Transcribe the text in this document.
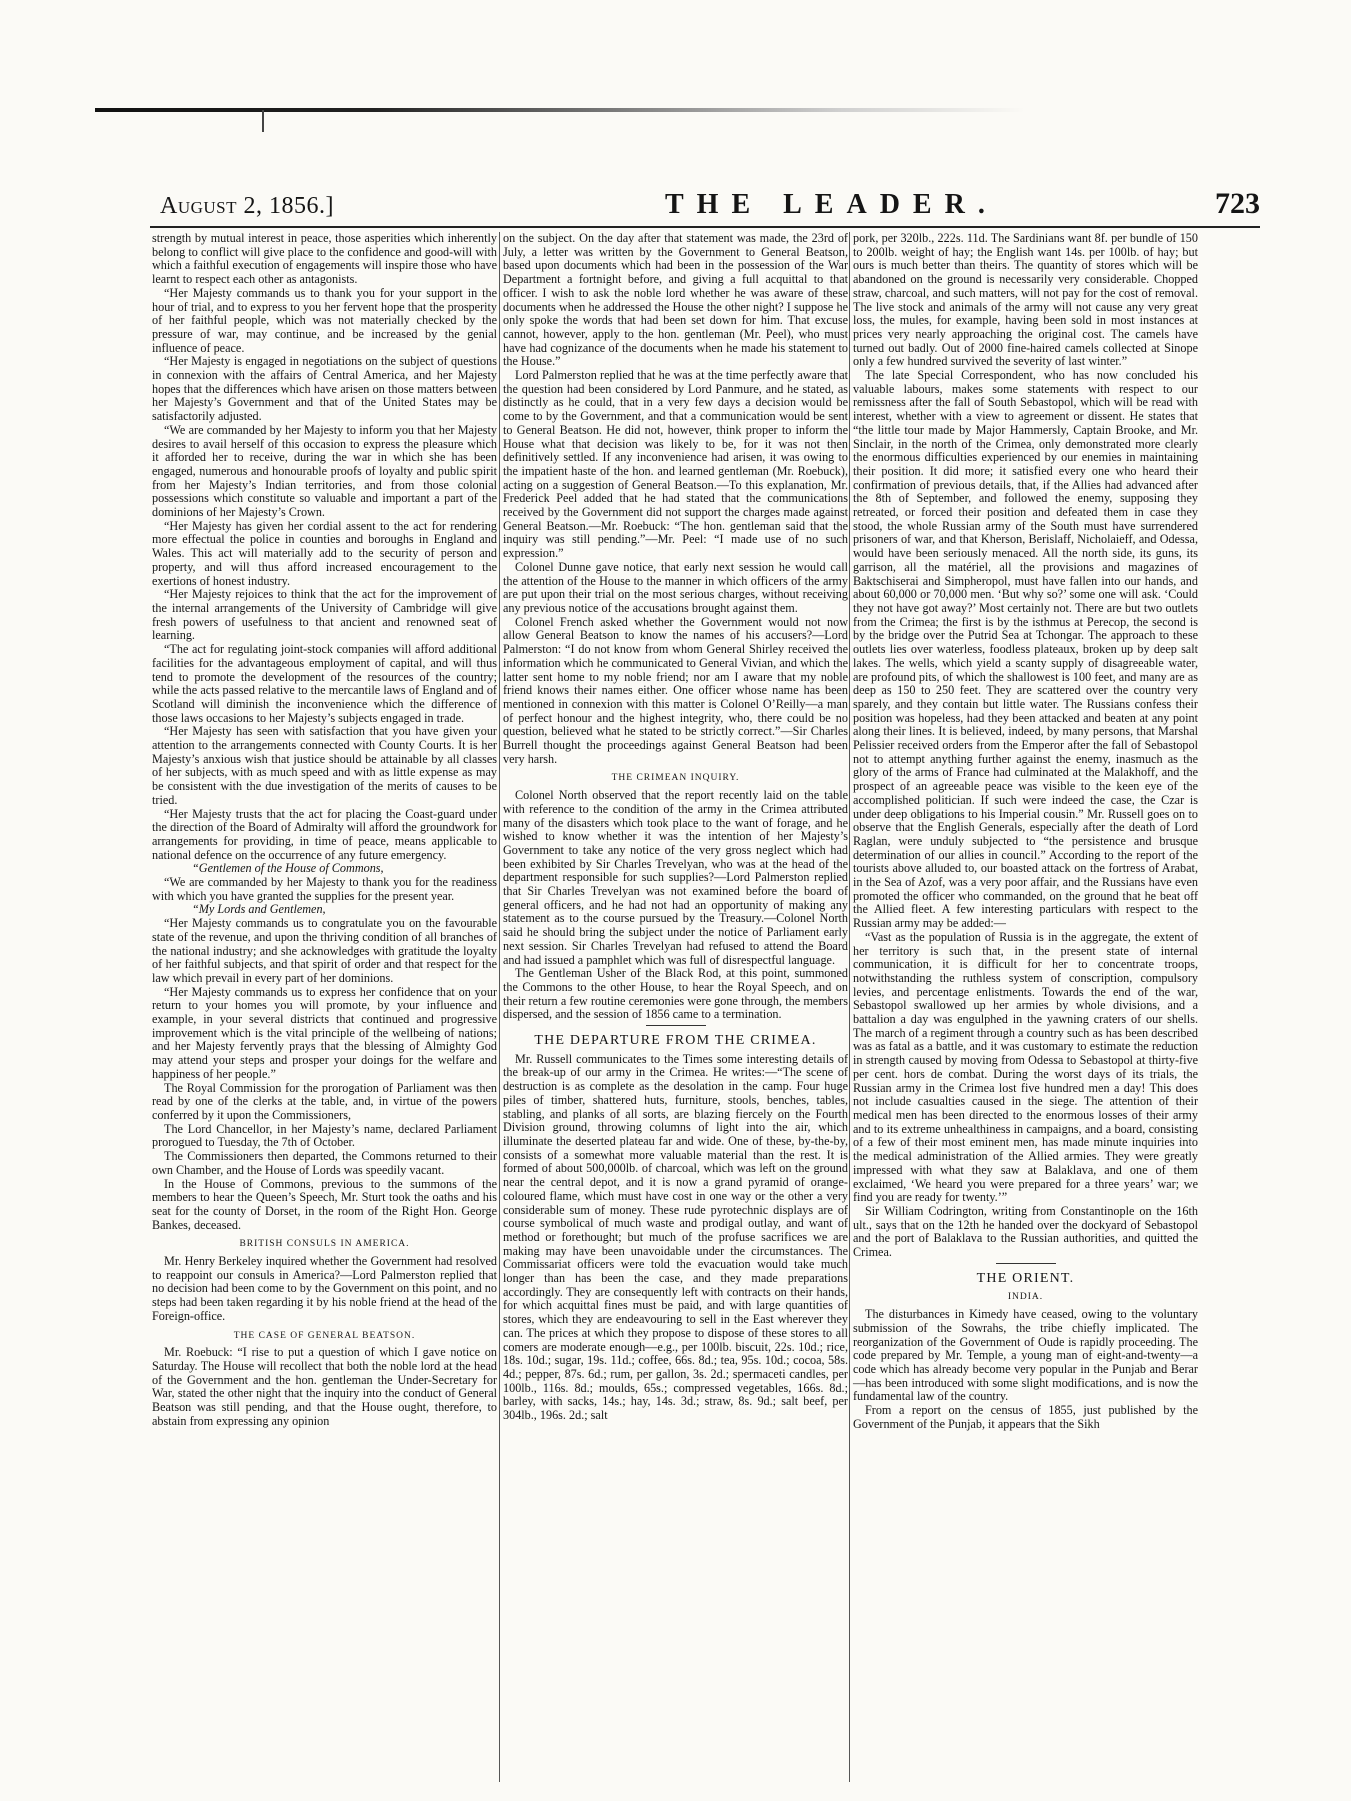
August 2, 1856.]	THE LEADER.	723

strength by mutual interest in peace, those asperities which inherently belong to conflict will give place to the confidence and good-will with which a faithful execution of engagements will inspire those who have learnt to respect each other as antagonists.

“Her Majesty commands us to thank you for your support in the hour of trial, and to express to you her fervent hope that the prosperity of her faithful people, which was not materially checked by the pressure of war, may continue, and be increased by the genial influence of peace.

“Her Majesty is engaged in negotiations on the subject of questions in connexion with the affairs of Central America, and her Majesty hopes that the differences which have arisen on those matters between her Majesty’s Government and that of the United States may be satisfactorily adjusted.

“We are commanded by her Majesty to inform you that her Majesty desires to avail herself of this occasion to express the pleasure which it afforded her to receive, during the war in which she has been engaged, numerous and honourable proofs of loyalty and public spirit from her Majesty’s Indian territories, and from those colonial possessions which constitute so valuable and important a part of the dominions of her Majesty’s Crown.

“Her Majesty has given her cordial assent to the act for rendering more effectual the police in counties and boroughs in England and Wales. This act will materially add to the security of person and property, and will thus afford increased encouragement to the exertions of honest industry.

“Her Majesty rejoices to think that the act for the improvement of the internal arrangements of the University of Cambridge will give fresh powers of usefulness to that ancient and renowned seat of learning.

“The act for regulating joint-stock companies will afford additional facilities for the advantageous employment of capital, and will thus tend to promote the development of the resources of the country; while the acts passed relative to the mercantile laws of England and of Scotland will diminish the inconvenience which the difference of those laws occasions to her Majesty’s subjects engaged in trade.

“Her Majesty has seen with satisfaction that you have given your attention to the arrangements connected with County Courts. It is her Majesty’s anxious wish that justice should be attainable by all classes of her subjects, with as much speed and with as little expense as may be consistent with the due investigation of the merits of causes to be tried.

“Her Majesty trusts that the act for placing the Coast-guard under the direction of the Board of Admiralty will afford the groundwork for arrangements for providing, in time of peace, means applicable to national defence on the occurrence of any future emergency.

“Gentlemen of the House of Commons,

“We are commanded by her Majesty to thank you for the readiness with which you have granted the supplies for the present year.

“My Lords and Gentlemen,

“Her Majesty commands us to congratulate you on the favourable state of the revenue, and upon the thriving condition of all branches of the national industry; and she acknowledges with gratitude the loyalty of her faithful subjects, and that spirit of order and that respect for the law which prevail in every part of her dominions.

“Her Majesty commands us to express her confidence that on your return to your homes you will promote, by your influence and example, in your several districts that continued and progressive improvement which is the vital principle of the wellbeing of nations; and her Majesty fervently prays that the blessing of Almighty God may attend your steps and prosper your doings for the welfare and happiness of her people.”

The Royal Commission for the prorogation of Parliament was then read by one of the clerks at the table, and, in virtue of the powers conferred by it upon the Commissioners,

The Lord Chancellor, in her Majesty’s name, declared Parliament prorogued to Tuesday, the 7th of October.

The Commissioners then departed, the Commons returned to their own Chamber, and the House of Lords was speedily vacant.

In the House of Commons, previous to the summons of the members to hear the Queen’s Speech, Mr. Sturt took the oaths and his seat for the county of Dorset, in the room of the Right Hon. George Bankes, deceased.

BRITISH CONSULS IN AMERICA.

Mr. Henry Berkeley inquired whether the Government had resolved to reappoint our consuls in America?—Lord Palmerston replied that no decision had been come to by the Government on this point, and no steps had been taken regarding it by his noble friend at the head of the Foreign-office.

THE CASE OF GENERAL BEATSON.

Mr. Roebuck: “I rise to put a question of which I gave notice on Saturday. The House will recollect that both the noble lord at the head of the Government and the hon. gentleman the Under-Secretary for War, stated the other night that the inquiry into the conduct of General Beatson was still pending, and that the House ought, therefore, to abstain from expressing any opinion

on the subject. On the day after that statement was made, the 23rd of July, a letter was written by the Government to General Beatson, based upon documents which had been in the possession of the War Department a fortnight before, and giving a full acquittal to that officer. I wish to ask the noble lord whether he was aware of these documents when he addressed the House the other night? I suppose he only spoke the words that had been set down for him. That excuse cannot, however, apply to the hon. gentleman (Mr. Peel), who must have had cognizance of the documents when he made his statement to the House.”

Lord Palmerston replied that he was at the time perfectly aware that the question had been considered by Lord Panmure, and he stated, as distinctly as he could, that in a very few days a decision would be come to by the Government, and that a communication would be sent to General Beatson. He did not, however, think proper to inform the House what that decision was likely to be, for it was not then definitively settled. If any inconvenience had arisen, it was owing to the impatient haste of the hon. and learned gentleman (Mr. Roebuck), acting on a suggestion of General Beatson.—To this explanation, Mr. Frederick Peel added that he had stated that the communications received by the Government did not support the charges made against General Beatson.—Mr. Roebuck: “The hon. gentleman said that the inquiry was still pending.”—Mr. Peel: “I made use of no such expression.”

Colonel Dunne gave notice, that early next session he would call the attention of the House to the manner in which officers of the army are put upon their trial on the most serious charges, without receiving any previous notice of the accusations brought against them.

Colonel French asked whether the Government would not now allow General Beatson to know the names of his accusers?—Lord Palmerston: “I do not know from whom General Shirley received the information which he communicated to General Vivian, and which the latter sent home to my noble friend; nor am I aware that my noble friend knows their names either. One officer whose name has been mentioned in connexion with this matter is Colonel O’Reilly—a man of perfect honour and the highest integrity, who, there could be no question, believed what he stated to be strictly correct.”—Sir Charles Burrell thought the proceedings against General Beatson had been very harsh.

THE CRIMEAN INQUIRY.

Colonel North observed that the report recently laid on the table with reference to the condition of the army in the Crimea attributed many of the disasters which took place to the want of forage, and he wished to know whether it was the intention of her Majesty’s Government to take any notice of the very gross neglect which had been exhibited by Sir Charles Trevelyan, who was at the head of the department responsible for such supplies?—Lord Palmerston replied that Sir Charles Trevelyan was not examined before the board of general officers, and he had not had an opportunity of making any statement as to the course pursued by the Treasury.—Colonel North said he should bring the subject under the notice of Parliament early next session. Sir Charles Trevelyan had refused to attend the Board and had issued a pamphlet which was full of disrespectful language.

The Gentleman Usher of the Black Rod, at this point, summoned the Commons to the other House, to hear the Royal Speech, and on their return a few routine ceremonies were gone through, the members dispersed, and the session of 1856 came to a termination.

THE DEPARTURE FROM THE CRIMEA.

Mr. Russell communicates to the Times some interesting details of the break-up of our army in the Crimea. He writes:—“The scene of destruction is as complete as the desolation in the camp. Four huge piles of timber, shattered huts, furniture, stools, benches, tables, stabling, and planks of all sorts, are blazing fiercely on the Fourth Division ground, throwing columns of light into the air, which illuminate the deserted plateau far and wide. One of these, by-the-by, consists of a somewhat more valuable material than the rest. It is formed of about 500,000lb. of charcoal, which was left on the ground near the central depot, and it is now a grand pyramid of orange-coloured flame, which must have cost in one way or the other a very considerable sum of money. These rude pyrotechnic displays are of course symbolical of much waste and prodigal outlay, and want of method or forethought; but much of the profuse sacrifices we are making may have been unavoidable under the circumstances. The Commissariat officers were told the evacuation would take much longer than has been the case, and they made preparations accordingly. They are consequently left with contracts on their hands, for which acquittal fines must be paid, and with large quantities of stores, which they are endeavouring to sell in the East wherever they can. The prices at which they propose to dispose of these stores to all comers are moderate enough—e.g., per 100lb. biscuit, 22s. 10d.; rice, 18s. 10d.; sugar, 19s. 11d.; coffee, 66s. 8d.; tea, 95s. 10d.; cocoa, 58s. 4d.; pepper, 87s. 6d.; rum, per gallon, 3s. 2d.; spermaceti candles, per 100lb., 116s. 8d.; moulds, 65s.; compressed vegetables, 166s. 8d.; barley, with sacks, 14s.; hay, 14s. 3d.; straw, 8s. 9d.; salt beef, per 304lb., 196s. 2d.; salt

pork, per 320lb., 222s. 11d. The Sardinians want 8f. per bundle of 150 to 200lb. weight of hay; the English want 14s. per 100lb. of hay; but ours is much better than theirs. The quantity of stores which will be abandoned on the ground is necessarily very considerable. Chopped straw, charcoal, and such matters, will not pay for the cost of removal. The live stock and animals of the army will not cause any very great loss, the mules, for example, having been sold in most instances at prices very nearly approaching the original cost. The camels have turned out badly. Out of 2000 fine-haired camels collected at Sinope only a few hundred survived the severity of last winter.”

The late Special Correspondent, who has now concluded his valuable labours, makes some statements with respect to our remissness after the fall of South Sebastopol, which will be read with interest, whether with a view to agreement or dissent. He states that “the little tour made by Major Hammersly, Captain Brooke, and Mr. Sinclair, in the north of the Crimea, only demonstrated more clearly the enormous difficulties experienced by our enemies in maintaining their position. It did more; it satisfied every one who heard their confirmation of previous details, that, if the Allies had advanced after the 8th of September, and followed the enemy, supposing they retreated, or forced their position and defeated them in case they stood, the whole Russian army of the South must have surrendered prisoners of war, and that Kherson, Berislaff, Nicholaieff, and Odessa, would have been seriously menaced. All the north side, its guns, its garrison, all the matériel, all the provisions and magazines of Baktschiserai and Simpheropol, must have fallen into our hands, and about 60,000 or 70,000 men. ‘But why so?’ some one will ask. ‘Could they not have got away?’ Most certainly not. There are but two outlets from the Crimea; the first is by the isthmus at Perecop, the second is by the bridge over the Putrid Sea at Tchongar. The approach to these outlets lies over waterless, foodless plateaux, broken up by deep salt lakes. The wells, which yield a scanty supply of disagreeable water, are profound pits, of which the shallowest is 100 feet, and many are as deep as 150 to 250 feet. They are scattered over the country very sparely, and they contain but little water. The Russians confess their position was hopeless, had they been attacked and beaten at any point along their lines. It is believed, indeed, by many persons, that Marshal Pelissier received orders from the Emperor after the fall of Sebastopol not to attempt anything further against the enemy, inasmuch as the glory of the arms of France had culminated at the Malakhoff, and the prospect of an agreeable peace was visible to the keen eye of the accomplished politician. If such were indeed the case, the Czar is under deep obligations to his Imperial cousin.” Mr. Russell goes on to observe that the English Generals, especially after the death of Lord Raglan, were unduly subjected to “the persistence and brusque determination of our allies in council.” According to the report of the tourists above alluded to, our boasted attack on the fortress of Arabat, in the Sea of Azof, was a very poor affair, and the Russians have even promoted the officer who commanded, on the ground that he beat off the Allied fleet. A few interesting particulars with respect to the Russian army may be added:—

“Vast as the population of Russia is in the aggregate, the extent of her territory is such that, in the present state of internal communication, it is difficult for her to concentrate troops, notwithstanding the ruthless system of conscription, compulsory levies, and percentage enlistments. Towards the end of the war, Sebastopol swallowed up her armies by whole divisions, and a battalion a day was engulphed in the yawning craters of our shells. The march of a regiment through a country such as has been described was as fatal as a battle, and it was customary to estimate the reduction in strength caused by moving from Odessa to Sebastopol at thirty-five per cent. hors de combat. During the worst days of its trials, the Russian army in the Crimea lost five hundred men a day! This does not include casualties caused in the siege. The attention of their medical men has been directed to the enormous losses of their army and to its extreme unhealthiness in campaigns, and a board, consisting of a few of their most eminent men, has made minute inquiries into the medical administration of the Allied armies. They were greatly impressed with what they saw at Balaklava, and one of them exclaimed, ‘We heard you were prepared for a three years’ war; we find you are ready for twenty.’”

Sir William Codrington, writing from Constantinople on the 16th ult., says that on the 12th he handed over the dockyard of Sebastopol and the port of Balaklava to the Russian authorities, and quitted the Crimea.

THE ORIENT.

INDIA.

The disturbances in Kimedy have ceased, owing to the voluntary submission of the Sowrahs, the tribe chiefly implicated. The reorganization of the Government of Oude is rapidly proceeding. The code prepared by Mr. Temple, a young man of eight-and-twenty—a code which has already become very popular in the Punjab and Berar—has been introduced with some slight modifications, and is now the fundamental law of the country.

From a report on the census of 1855, just published by the Government of the Punjab, it appears that the Sikh
